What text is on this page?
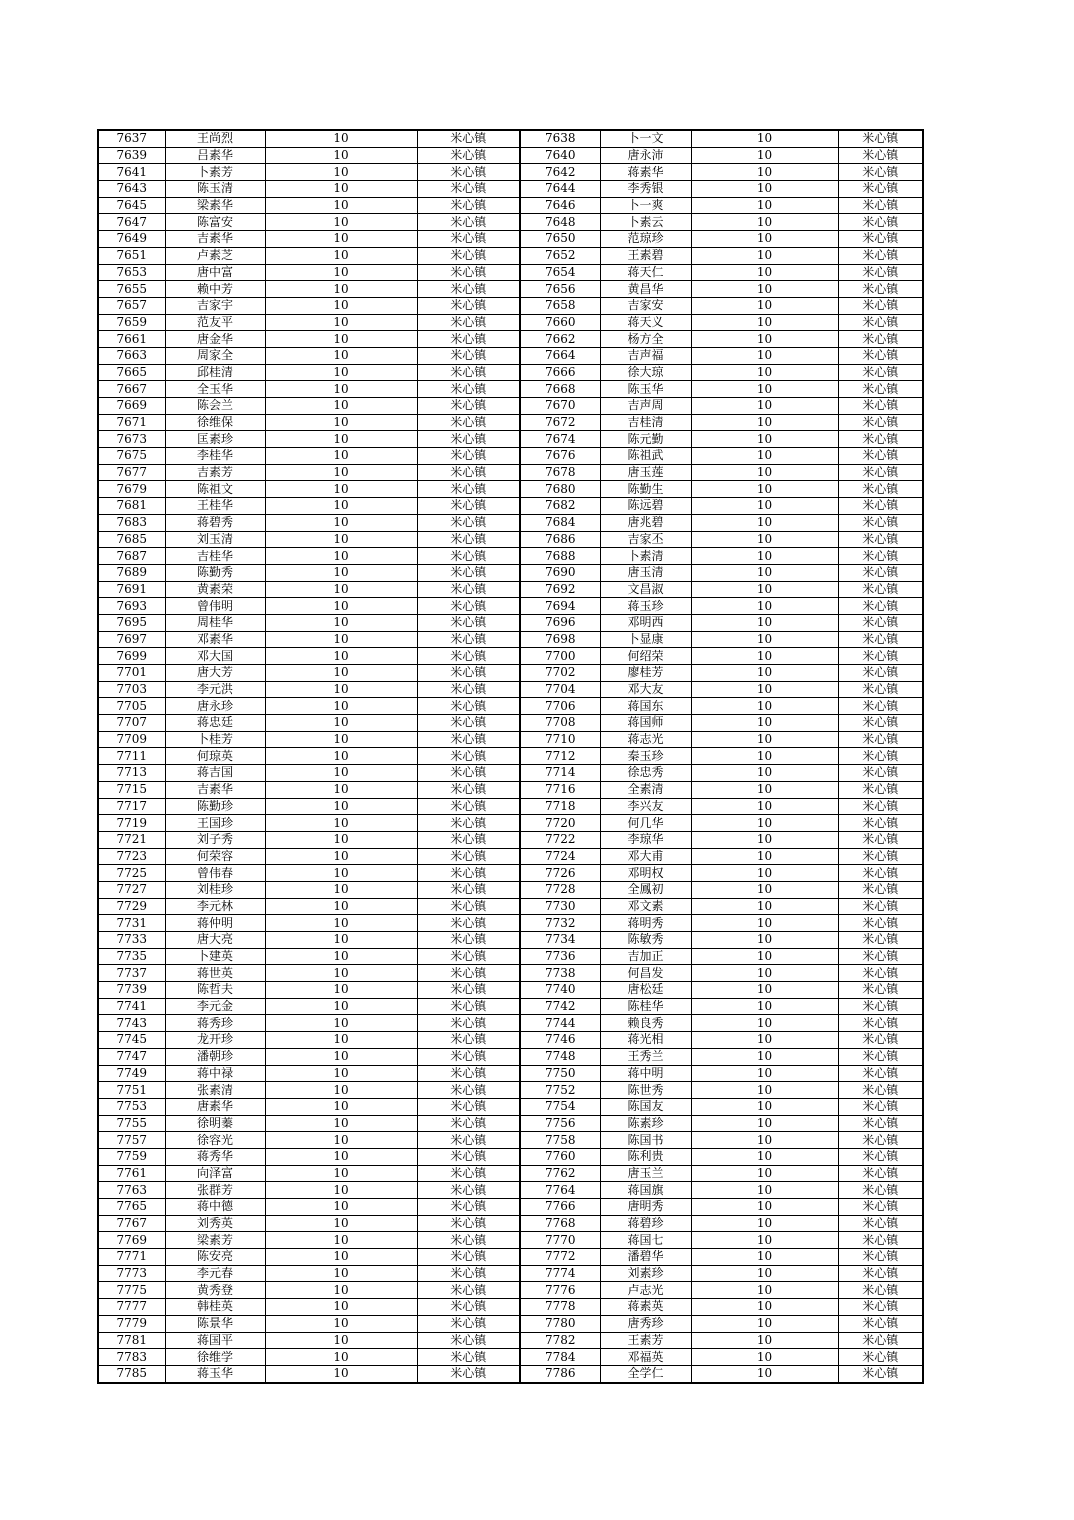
7637	王尚烈	10	米心镇	7638	卜一文	10	米心镇
7639	吕素华	10	米心镇	7640	唐永沛	10	米心镇
7641	卜素芳	10	米心镇	7642	蒋素华	10	米心镇
7643	陈玉清	10	米心镇	7644	李秀银	10	米心镇
7645	梁素华	10	米心镇	7646	卜一爽	10	米心镇
7647	陈富安	10	米心镇	7648	卜素云	10	米心镇
7649	吉素华	10	米心镇	7650	范琼珍	10	米心镇
7651	卢素芝	10	米心镇	7652	王素碧	10	米心镇
7653	唐中富	10	米心镇	7654	蒋天仁	10	米心镇
7655	赖中芳	10	米心镇	7656	黄昌华	10	米心镇
7657	吉家宇	10	米心镇	7658	吉家安	10	米心镇
7659	范友平	10	米心镇	7660	蒋天义	10	米心镇
7661	唐金华	10	米心镇	7662	杨方全	10	米心镇
7663	周家全	10	米心镇	7664	吉声福	10	米心镇
7665	邱桂清	10	米心镇	7666	徐大琼	10	米心镇
7667	全玉华	10	米心镇	7668	陈玉华	10	米心镇
7669	陈会兰	10	米心镇	7670	吉声周	10	米心镇
7671	徐维保	10	米心镇	7672	吉桂清	10	米心镇
7673	匡素珍	10	米心镇	7674	陈元勤	10	米心镇
7675	李桂华	10	米心镇	7676	陈祖武	10	米心镇
7677	吉素芳	10	米心镇	7678	唐玉莲	10	米心镇
7679	陈祖文	10	米心镇	7680	陈勤生	10	米心镇
7681	王桂华	10	米心镇	7682	陈远碧	10	米心镇
7683	蒋碧秀	10	米心镇	7684	唐兆碧	10	米心镇
7685	刘玉清	10	米心镇	7686	吉家丕	10	米心镇
7687	吉桂华	10	米心镇	7688	卜素清	10	米心镇
7689	陈勤秀	10	米心镇	7690	唐玉清	10	米心镇
7691	黄素荣	10	米心镇	7692	文昌淑	10	米心镇
7693	曾伟明	10	米心镇	7694	蒋玉珍	10	米心镇
7695	周桂华	10	米心镇	7696	邓明西	10	米心镇
7697	邓素华	10	米心镇	7698	卜显康	10	米心镇
7699	邓大国	10	米心镇	7700	何绍荣	10	米心镇
7701	唐大芳	10	米心镇	7702	廖桂芳	10	米心镇
7703	李元洪	10	米心镇	7704	邓大友	10	米心镇
7705	唐永珍	10	米心镇	7706	蒋国东	10	米心镇
7707	蒋忠廷	10	米心镇	7708	蒋国师	10	米心镇
7709	卜桂芳	10	米心镇	7710	蒋志光	10	米心镇
7711	何琼英	10	米心镇	7712	秦玉珍	10	米心镇
7713	蒋吉国	10	米心镇	7714	徐忠秀	10	米心镇
7715	吉素华	10	米心镇	7716	全素清	10	米心镇
7717	陈勤珍	10	米心镇	7718	李兴友	10	米心镇
7719	王国珍	10	米心镇	7720	何几华	10	米心镇
7721	刘子秀	10	米心镇	7722	李琼华	10	米心镇
7723	何荣容	10	米心镇	7724	邓大甫	10	米心镇
7725	曾伟春	10	米心镇	7726	邓明权	10	米心镇
7727	刘桂珍	10	米心镇	7728	全鳳初	10	米心镇
7729	李元林	10	米心镇	7730	邓文素	10	米心镇
7731	蒋仲明	10	米心镇	7732	蒋明秀	10	米心镇
7733	唐大亮	10	米心镇	7734	陈敏秀	10	米心镇
7735	卜建英	10	米心镇	7736	吉加正	10	米心镇
7737	蒋世英	10	米心镇	7738	何昌发	10	米心镇
7739	陈哲夫	10	米心镇	7740	唐松廷	10	米心镇
7741	李元金	10	米心镇	7742	陈桂华	10	米心镇
7743	蒋秀珍	10	米心镇	7744	赖良秀	10	米心镇
7745	龙开珍	10	米心镇	7746	蒋光相	10	米心镇
7747	潘朝珍	10	米心镇	7748	王秀兰	10	米心镇
7749	蒋中禄	10	米心镇	7750	蒋中明	10	米心镇
7751	张素清	10	米心镇	7752	陈世秀	10	米心镇
7753	唐素华	10	米心镇	7754	陈国友	10	米心镇
7755	徐明蓁	10	米心镇	7756	陈素珍	10	米心镇
7757	徐容光	10	米心镇	7758	陈国书	10	米心镇
7759	蒋秀华	10	米心镇	7760	陈利贵	10	米心镇
7761	向泽富	10	米心镇	7762	唐玉兰	10	米心镇
7763	张群芳	10	米心镇	7764	蒋国旗	10	米心镇
7765	蒋中德	10	米心镇	7766	唐明秀	10	米心镇
7767	刘秀英	10	米心镇	7768	蒋碧珍	10	米心镇
7769	梁素芳	10	米心镇	7770	蒋国七	10	米心镇
7771	陈安亮	10	米心镇	7772	潘碧华	10	米心镇
7773	李元春	10	米心镇	7774	刘素珍	10	米心镇
7775	黄秀登	10	米心镇	7776	卢志光	10	米心镇
7777	韩桂英	10	米心镇	7778	蒋素英	10	米心镇
7779	陈景华	10	米心镇	7780	唐秀珍	10	米心镇
7781	蒋国平	10	米心镇	7782	王素芳	10	米心镇
7783	徐维学	10	米心镇	7784	邓福英	10	米心镇
7785	蒋玉华	10	米心镇	7786	全学仁	10	米心镇
